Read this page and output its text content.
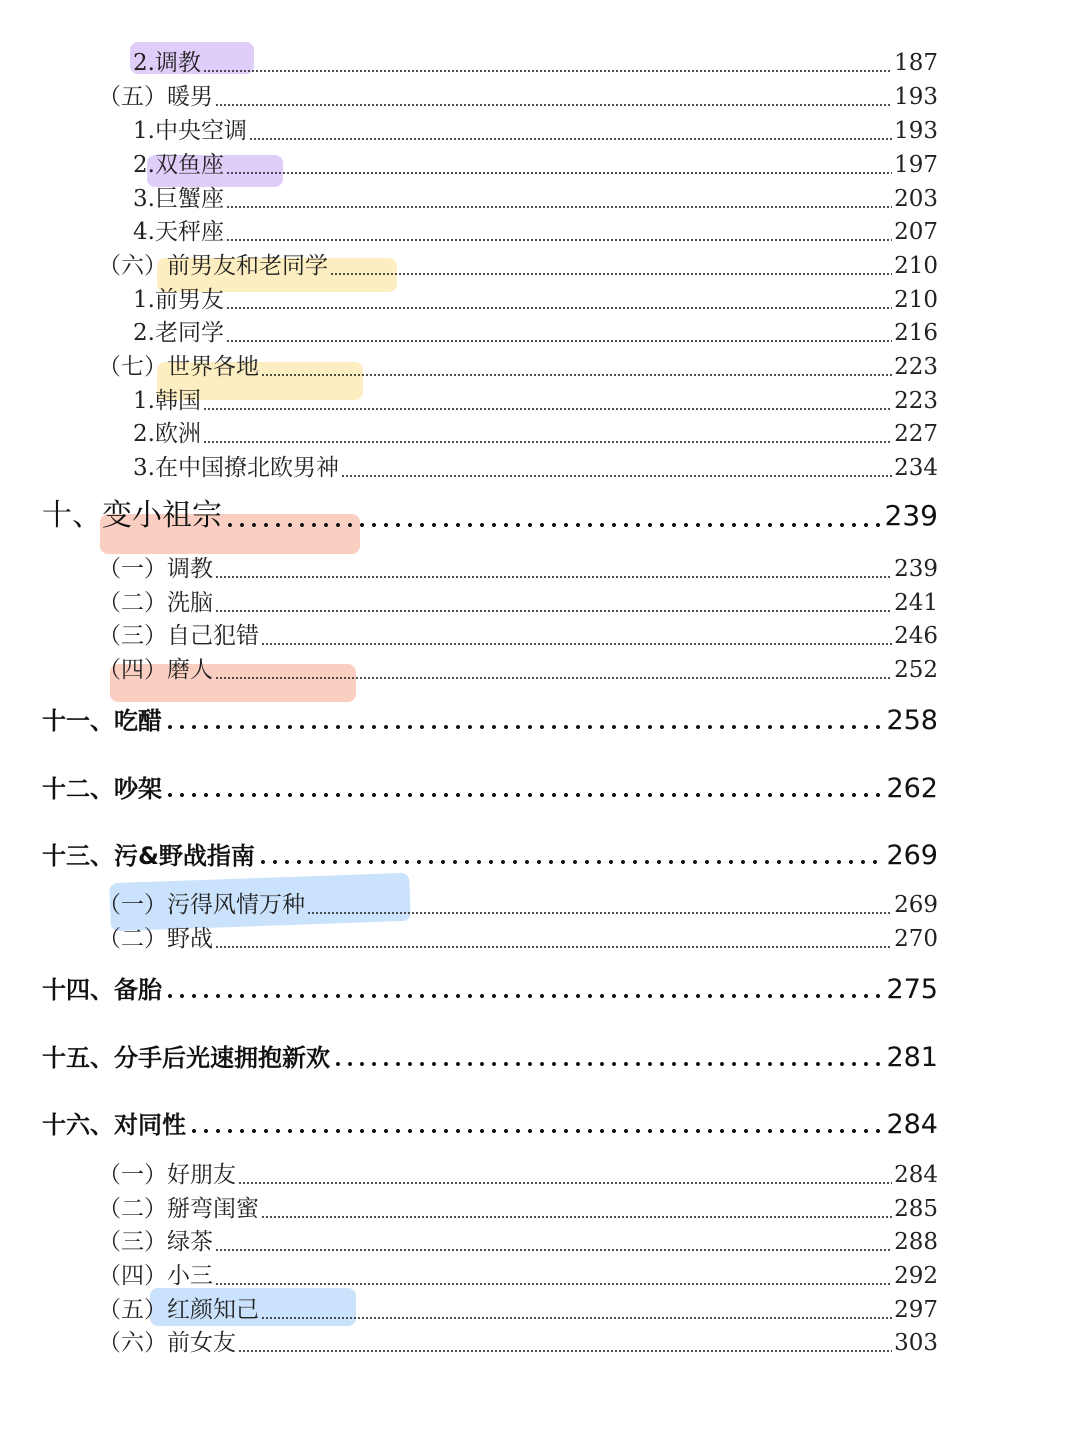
2.调教	187
（五）暖男	193
1.中央空调	193
2.双鱼座	197
3.巨蟹座	203
4.天秤座	207
（六）前男友和老同学	210
1.前男友	210
2.老同学	216
（七）世界各地	223
1.韩国	223
2.欧洲	227
3.在中国撩北欧男神	234
十、变小祖宗	239
（一）调教	239
（二）洗脑	241
（三）自己犯错	246
（四）磨人	252
十一、吃醋	258
十二、吵架	262
十三、污&野战指南	269
（一）污得风情万种	269
（二）野战	270
十四、备胎	275
十五、分手后光速拥抱新欢	281
十六、对同性	284
（一）好朋友	284
（二）掰弯闺蜜	285
（三）绿茶	288
（四）小三	292
（五）红颜知己	297
（六）前女友	303
